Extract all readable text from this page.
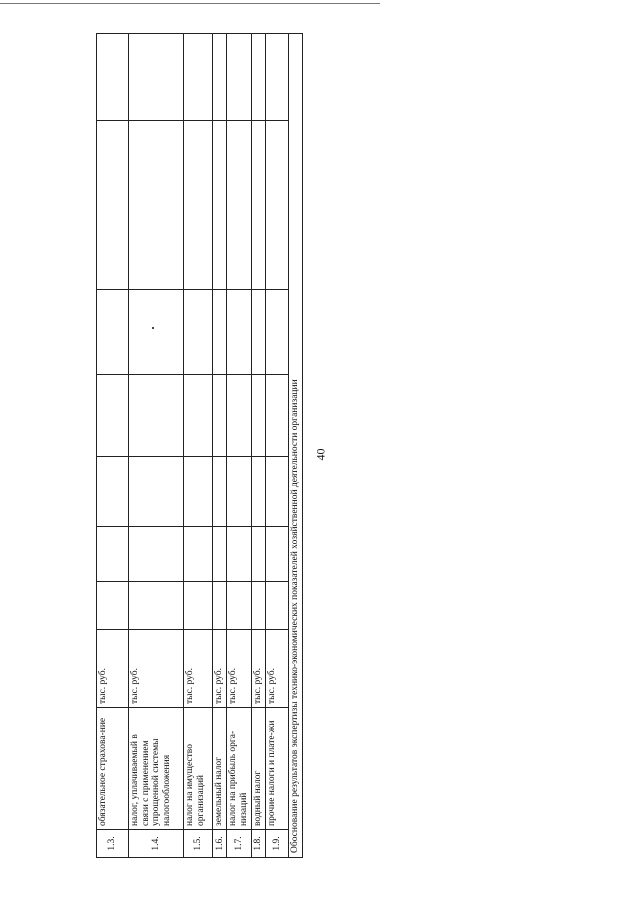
40
1.3.	обязательное страхова-ние	тыс. руб.							
1.4.	налог, уплачиваемый в связи с применением упрощенной системы налогообложения	тыс. руб.							
1.5.	налог на имущество организаций	тыс. руб.							
1.6.	земельный налог	тыс. руб.							
1.7.	налог на прибыль орга-низаций	тыс. руб.							
1.8.	водный налог	тыс. руб.							
1.9.	прочие налоги и плате-жи	тыс. руб.							
Обоснование результатов экспертизы технико-экономических показателей хозяйственной деятельности организации									
